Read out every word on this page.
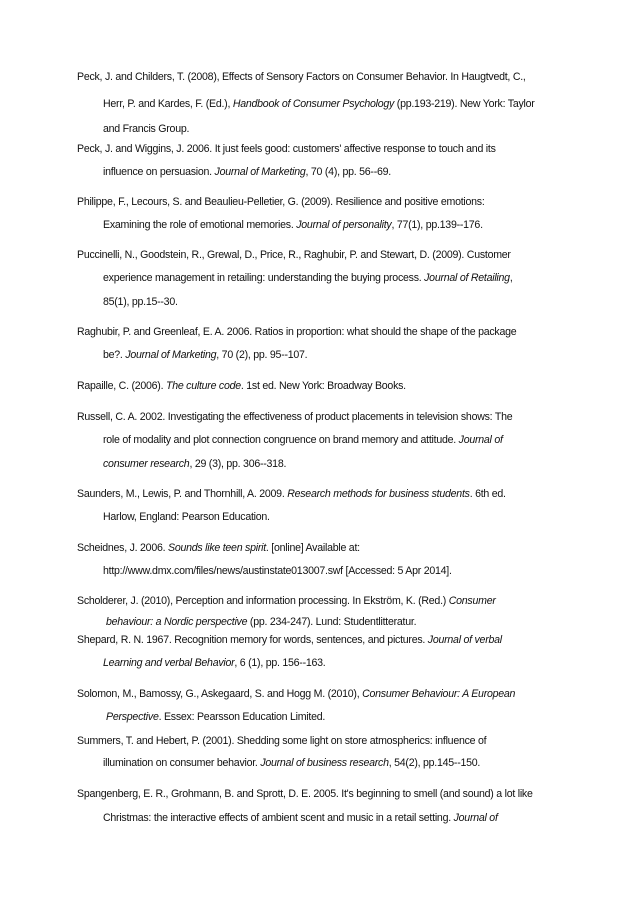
Peck, J. and Childers, T. (2008), Effects of Sensory Factors on Consumer Behavior. In Haugtvedt, C.,
Herr, P. and Kardes, F. (Ed.), Handbook of Consumer Psychology (pp.193-219). New York: Taylor
and Francis Group.
Peck, J. and Wiggins, J. 2006. It just feels good: customers' affective response to touch and its
influence on persuasion. Journal of Marketing, 70 (4), pp. 56--69.
Philippe, F., Lecours, S. and Beaulieu-Pelletier, G. (2009). Resilience and positive emotions:
Examining the role of emotional memories. Journal of personality, 77(1), pp.139--176.
Puccinelli, N., Goodstein, R., Grewal, D., Price, R., Raghubir, P. and Stewart, D. (2009). Customer
experience management in retailing: understanding the buying process. Journal of Retailing,
85(1), pp.15--30.
Raghubir, P. and Greenleaf, E. A. 2006. Ratios in proportion: what should the shape of the package
be?. Journal of Marketing, 70 (2), pp. 95--107.
Rapaille, C. (2006). The culture code. 1st ed. New York: Broadway Books.
Russell, C. A. 2002. Investigating the effectiveness of product placements in television shows: The
role of modality and plot connection congruence on brand memory and attitude. Journal of
consumer research, 29 (3), pp. 306--318.
Saunders, M., Lewis, P. and Thornhill, A. 2009. Research methods for business students. 6th ed.
Harlow, England: Pearson Education.
Scheidnes, J. 2006. Sounds like teen spirit. [online] Available at:
http://www.dmx.com/files/news/austinstate013007.swf [Accessed: 5 Apr 2014].
Scholderer, J. (2010), Perception and information processing. In Ekström, K. (Red.) Consumer
behaviour: a Nordic perspective (pp. 234-247). Lund: Studentlitteratur.
Shepard, R. N. 1967. Recognition memory for words, sentences, and pictures. Journal of verbal
Learning and verbal Behavior, 6 (1), pp. 156--163.
Solomon, M., Bamossy, G., Askegaard, S. and Hogg M. (2010), Consumer Behaviour: A European
Perspective. Essex: Pearsson Education Limited.
Summers, T. and Hebert, P. (2001). Shedding some light on store atmospherics: influence of
illumination on consumer behavior. Journal of business research, 54(2), pp.145--150.
Spangenberg, E. R., Grohmann, B. and Sprott, D. E. 2005. It's beginning to smell (and sound) a lot like
Christmas: the interactive effects of ambient scent and music in a retail setting. Journal of
